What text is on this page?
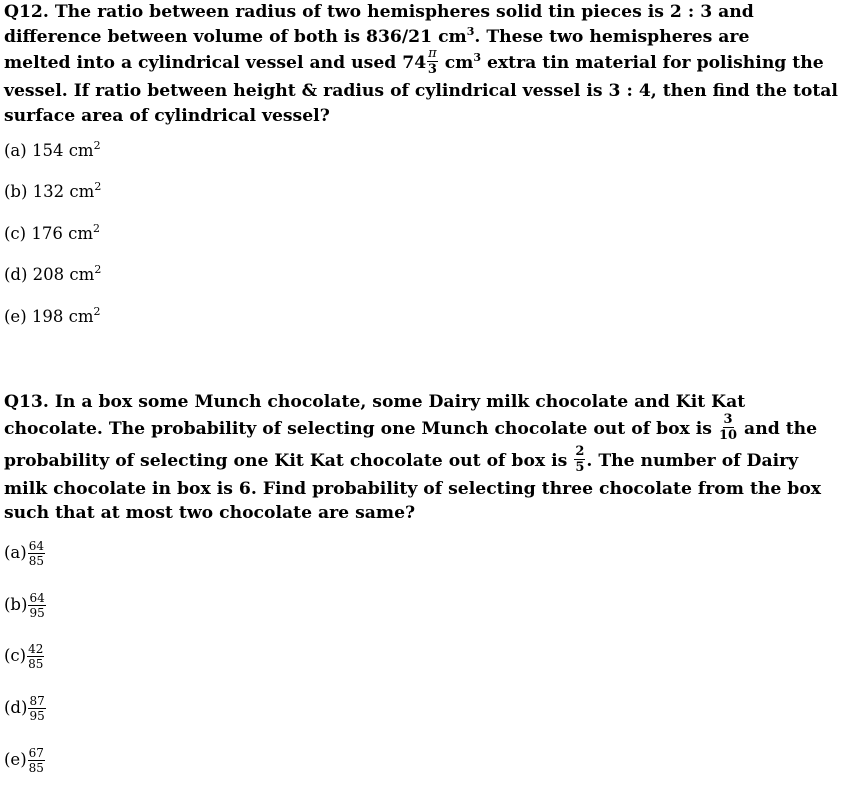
Q12. The ratio between radius of two hemispheres solid tin pieces is 2 : 3 and
difference between volume of both is 836/21 $cm^3$. These two hemispheres are
melted into a cylindrical vessel and used $74 \frac{\pi}{3} cm^3$ extra tin material for polishing the
vessel. If ratio between height & radius of cylindrical vessel is 3 : 4, then find the total
surface area of cylindrical vessel?
(a) 154 $cm^2$
(b) 132 $cm^2$
(c) 176 $cm^2$
(d) 208 $cm^2$
(e) 198 $cm^2$
Q13. In a box some Munch chocolate, some Dairy milk chocolate and Kit Kat
chocolate. The probability of selecting one Munch chocolate out of box is $\frac{3}{10}$ and the
probability of selecting one Kit Kat chocolate out of box is $\frac{2}{5}$ . The number of Dairy
milk chocolate in box is 6. Find probability of selecting three chocolate from the box
such that at most two chocolate are same?
$(a) \frac{64}{85}$
$(b) \frac{64}{95}$
$(c) \frac{42}{85}$
$(d) \frac{87}{95}$
$(e) \frac{67}{85}$
